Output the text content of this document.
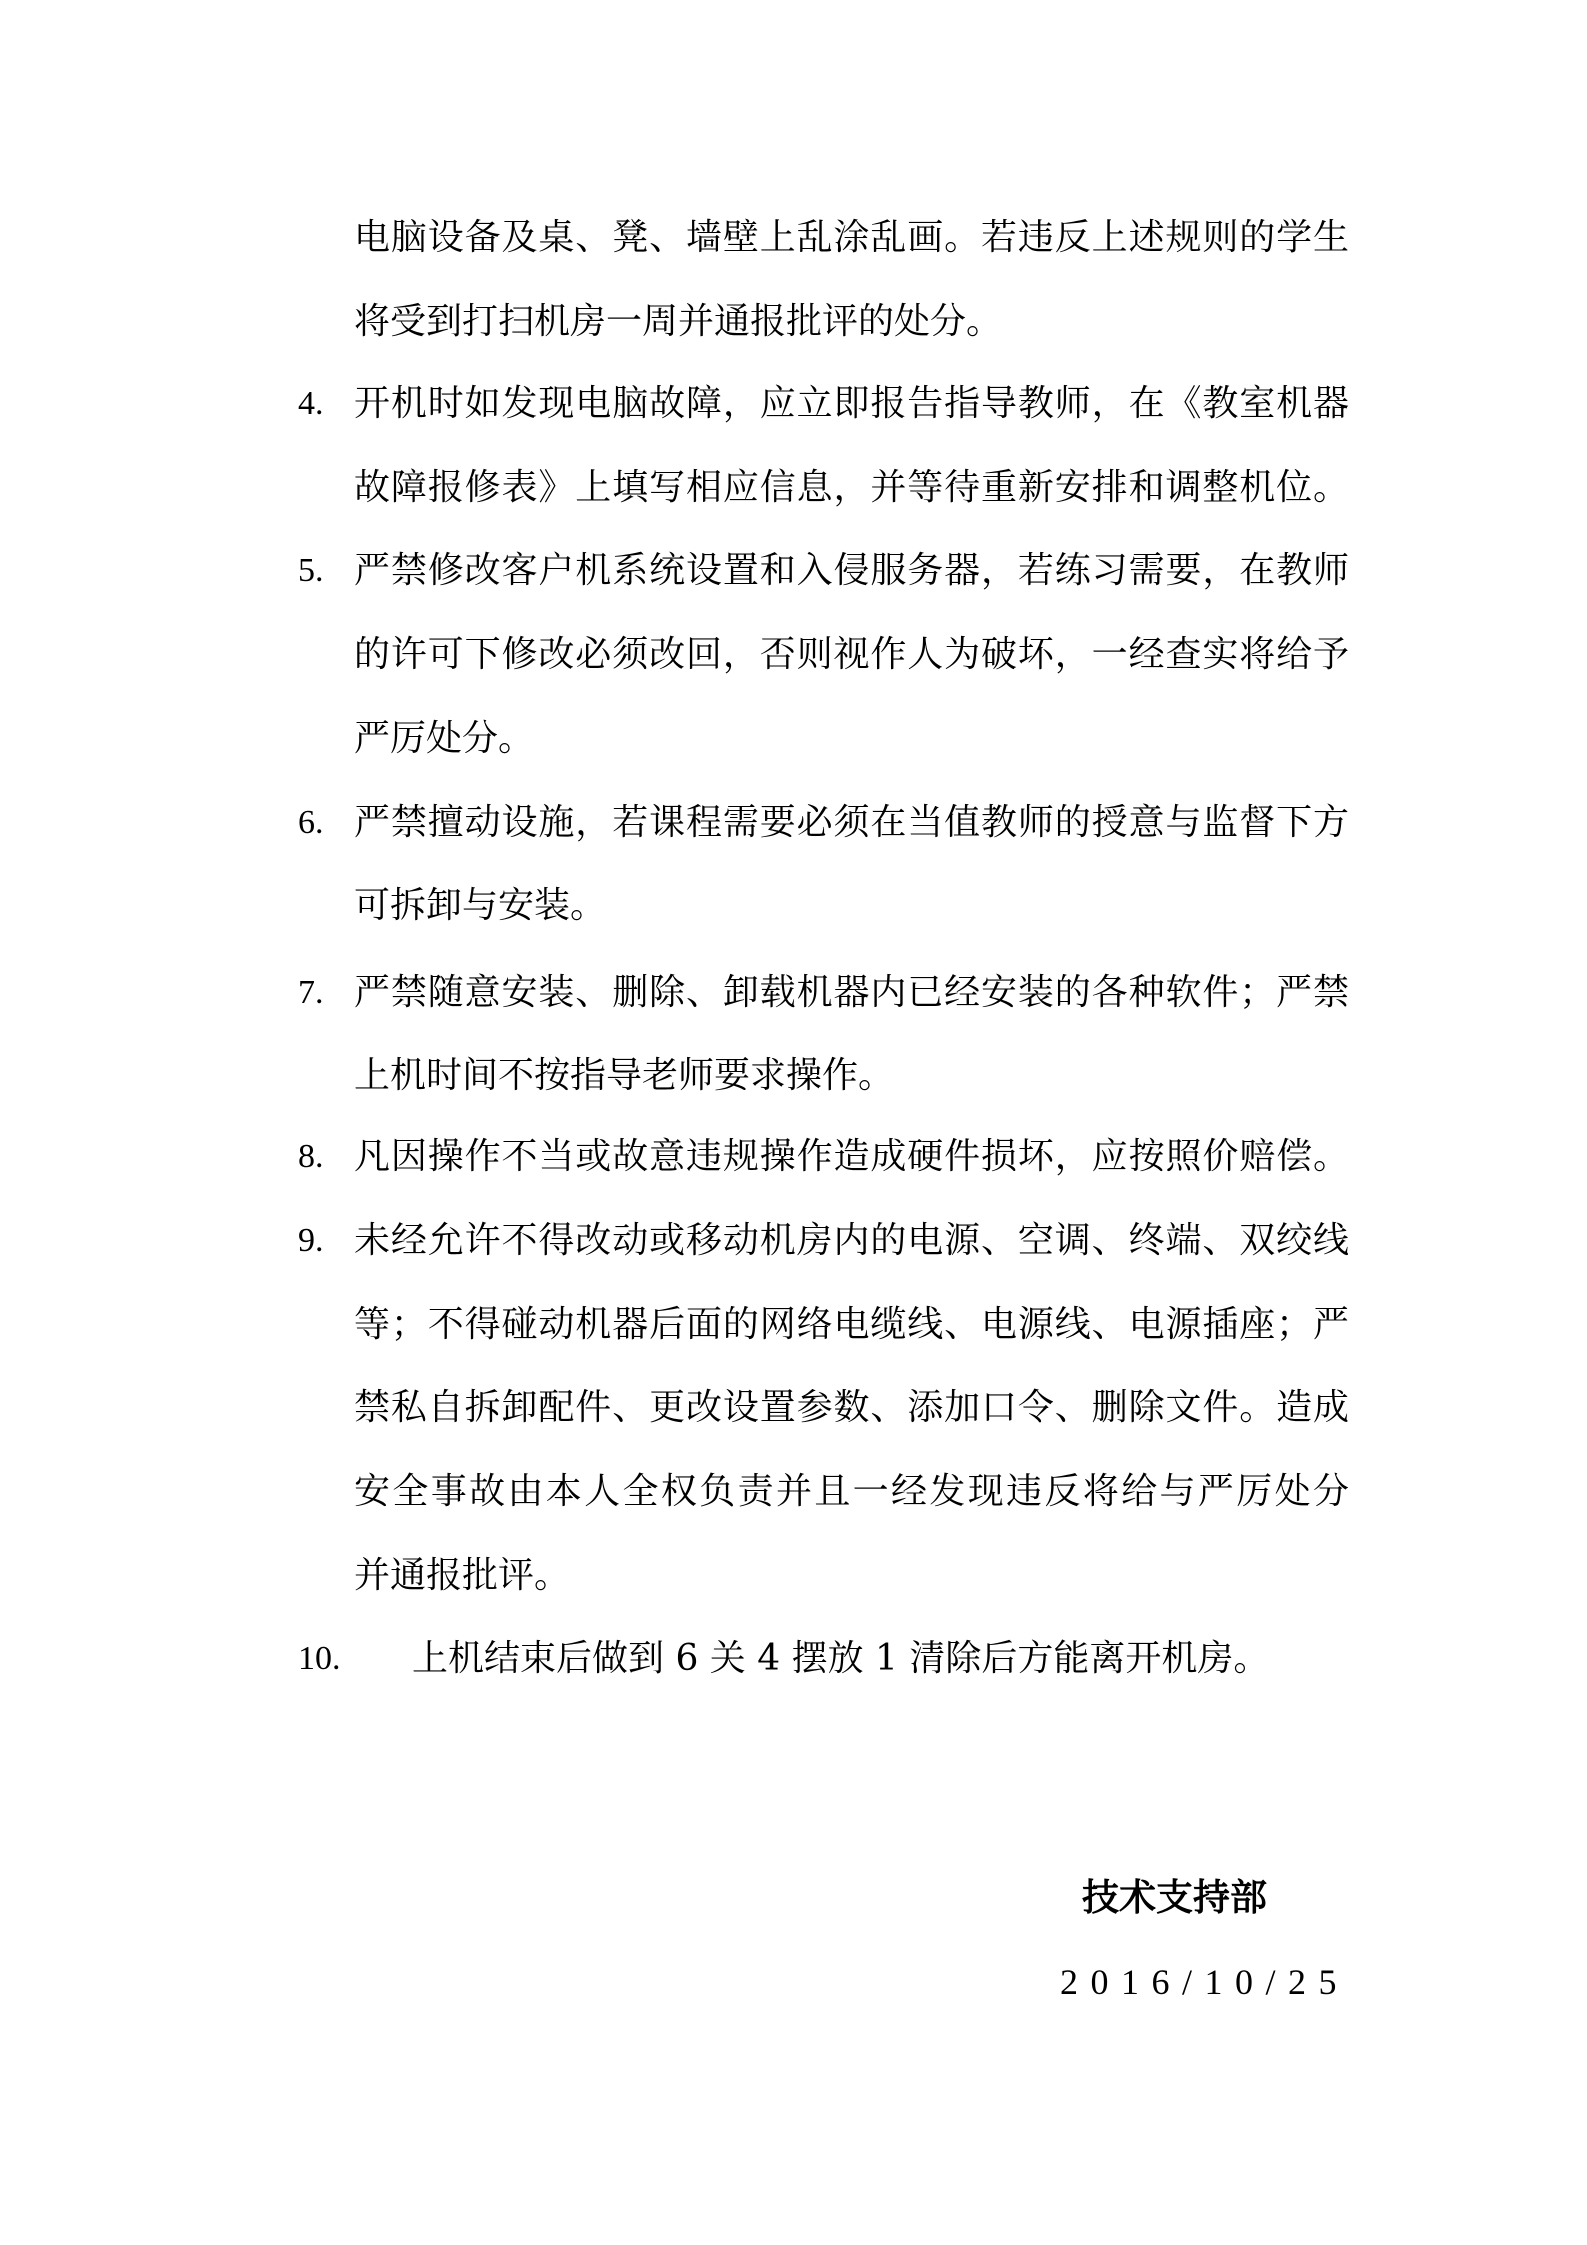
电脑设备及桌、凳、墙壁上乱涂乱画。若违反上述规则的学生
将受到打扫机房一周并通报批评的处分。
4. 开机时如发现电脑故障，应立即报告指导教师，在《教室机器
故障报修表》上填写相应信息，并等待重新安排和调整机位。
5. 严禁修改客户机系统设置和入侵服务器，若练习需要，在教师
的许可下修改必须改回，否则视作人为破坏，一经查实将给予
严厉处分。
6. 严禁擅动设施，若课程需要必须在当值教师的授意与监督下方
可拆卸与安装。
7. 严禁随意安装、删除、卸载机器内已经安装的各种软件；严禁
上机时间不按指导老师要求操作。
8. 凡因操作不当或故意违规操作造成硬件损坏，应按照价赔偿。
9. 未经允许不得改动或移动机房内的电源、空调、终端、双绞线
等；不得碰动机器后面的网络电缆线、电源线、电源插座；严
禁私自拆卸配件、更改设置参数、添加口令、删除文件。造成
安全事故由本人全权负责并且一经发现违反将给与严厉处分
并通报批评。
10. 上机结束后做到 6 关 4 摆放 1 清除后方能离开机房。
技术支持部
2016/10/25
